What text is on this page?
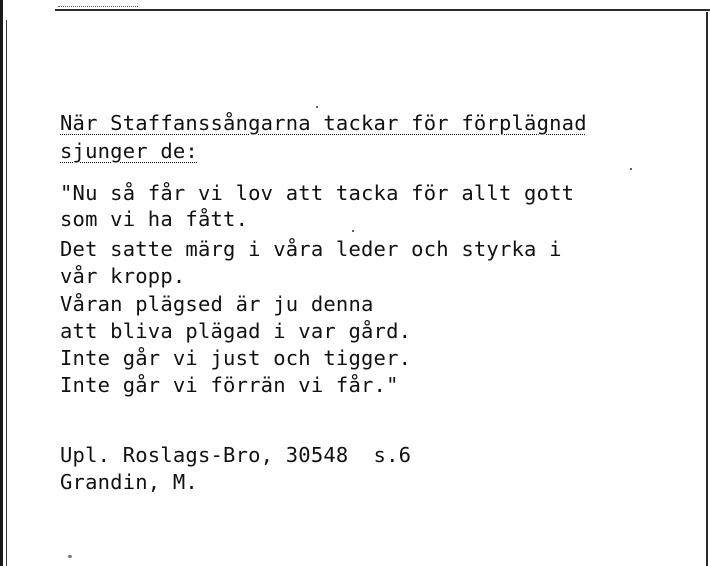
När Staffanssångarna tackar för förplägnad

sjunger de:

"Nu så får vi lov att tacka för allt gott

som vi ha fått.

Det satte märg i våra leder och styrka i

vår kropp.

Våran plägsed är ju denna

att bliva plägad i var gård.

Inte går vi just och tigger.

Inte går vi förrän vi får."

Upl. Roslags-Bro, 30548  s.6

Grandin, M.
